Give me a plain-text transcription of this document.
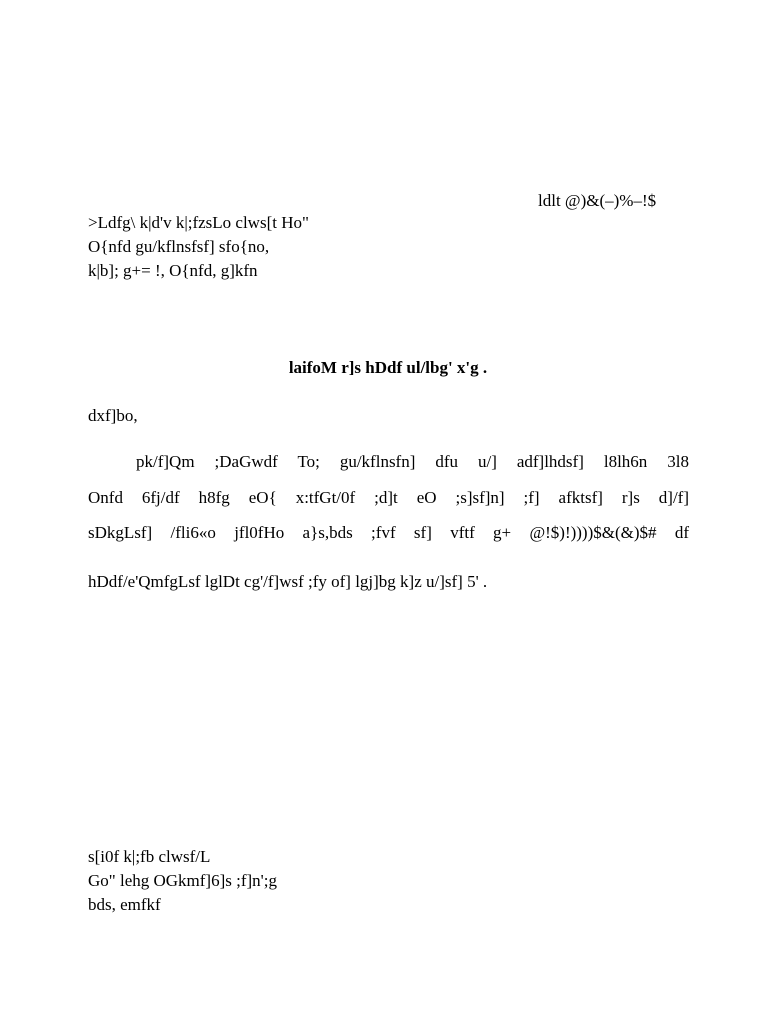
ldlt @)&(–)%–!$
>Ldfg\ k|d'v k|;fzsLo clws[t Ho"
O{nfd gu/kflnsfsf] sfo{no,
k|b]; g+= !, O{nfd, g]kfn
laifoM r]s hDdf ul/lbg' x'g .
dxf]bo,
pk/f]Qm ;DaGwdf To; gu/kflnsfn] dfu u/] adf]lhdsf] l8lh6n 3l8
Onfd 6fj/df h8fg eO{ x:tfGt/0f ;d]t eO ;s]sf]n] ;f] afktsf] r]s d]/f]
sDkgLsf] /fli6«o jfl0fHo a}s,bds ;fvf sf] vftf g+ @!$)!))))$&(&)$# df
hDdf/e'QmfgLsf lglDt cg'/f]wsf ;fy of] lgj]bg k]z u/]sf] 5' .
s[i0f k|;fb clwsf/L
Go" lehg OGkmf]6]s ;f]n';g
bds, emfkf
